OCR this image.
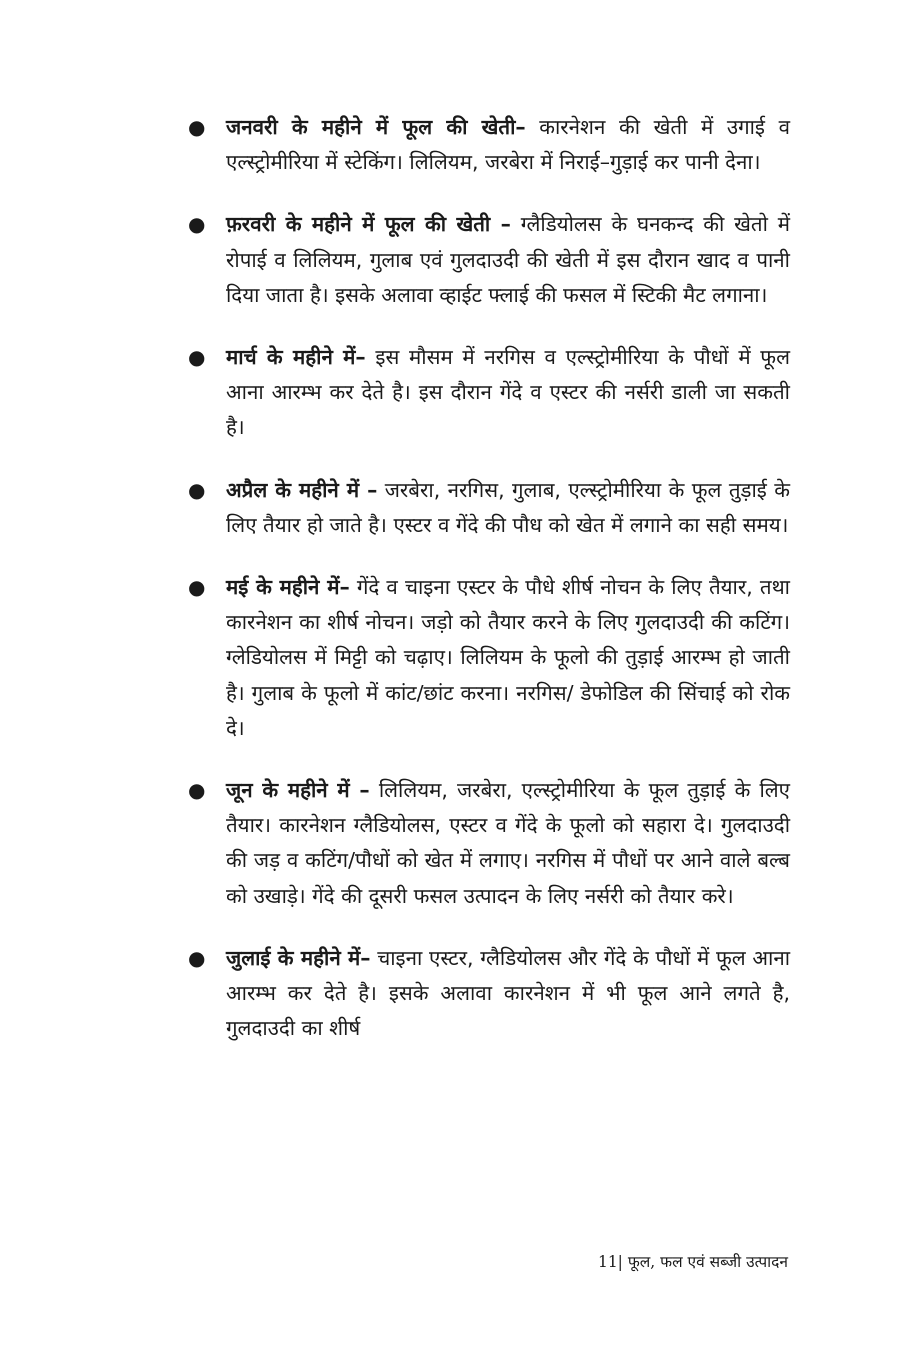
● जनवरी के महीने में फूल की खेती– कारनेशन की खेती में उगाई व एल्स्ट्रोमीरिया में स्टेकिंग। लिलियम, जरबेरा में निराई–गुड़ाई कर पानी देना।
● फ़रवरी के महीने में फूल की खेती – ग्लैडियोलस के घनकन्द की खेतो में रोपाई व लिलियम, गुलाब एवं गुलदाउदी की खेती में इस दौरान खाद व पानी दिया जाता है। इसके अलावा व्हाईट फ्लाई की फसल में स्टिकी मैट लगाना।
● मार्च के महीने में– इस मौसम में नरगिस व एल्स्ट्रोमीरिया के पौधों में फूल आना आरम्भ कर देते है। इस दौरान गेंदे व एस्टर की नर्सरी डाली जा सकती है।
● अप्रैल के महीने में – जरबेरा, नरगिस, गुलाब, एल्स्ट्रोमीरिया के फूल तुड़ाई के लिए तैयार हो जाते है। एस्टर व गेंदे की पौध को खेत में लगाने का सही समय।
● मई के महीने में– गेंदे व चाइना एस्टर के पौधे शीर्ष नोचन के लिए तैयार, तथा कारनेशन का शीर्ष नोचन। जड़ो को तैयार करने के लिए गुलदाउदी की कटिंग। ग्लेडियोलस में मिट्टी को चढ़ाए। लिलियम के फूलो की तुड़ाई आरम्भ हो जाती है। गुलाब के फूलो में कांट/छांट करना। नरगिस/ डेफोडिल की सिंचाई को रोक दे।
● जून के महीने में – लिलियम, जरबेरा, एल्स्ट्रोमीरिया के फूल तुड़ाई के लिए तैयार। कारनेशन ग्लैडियोलस, एस्टर व गेंदे के फूलो को सहारा दे। गुलदाउदी की जड़ व कटिंग/पौधों को खेत में लगाए। नरगिस में पौधों पर आने वाले बल्ब को उखाड़े। गेंदे की दूसरी फसल उत्पादन के लिए नर्सरी को तैयार करे।
● जुलाई के महीने में– चाइना एस्टर, ग्लैडियोलस और गेंदे के पौधों में फूल आना आरम्भ कर देते है। इसके अलावा कारनेशन में भी फूल आने लगते है, गुलदाउदी का शीर्ष
11| फूल, फल एवं सब्जी उत्पादन
